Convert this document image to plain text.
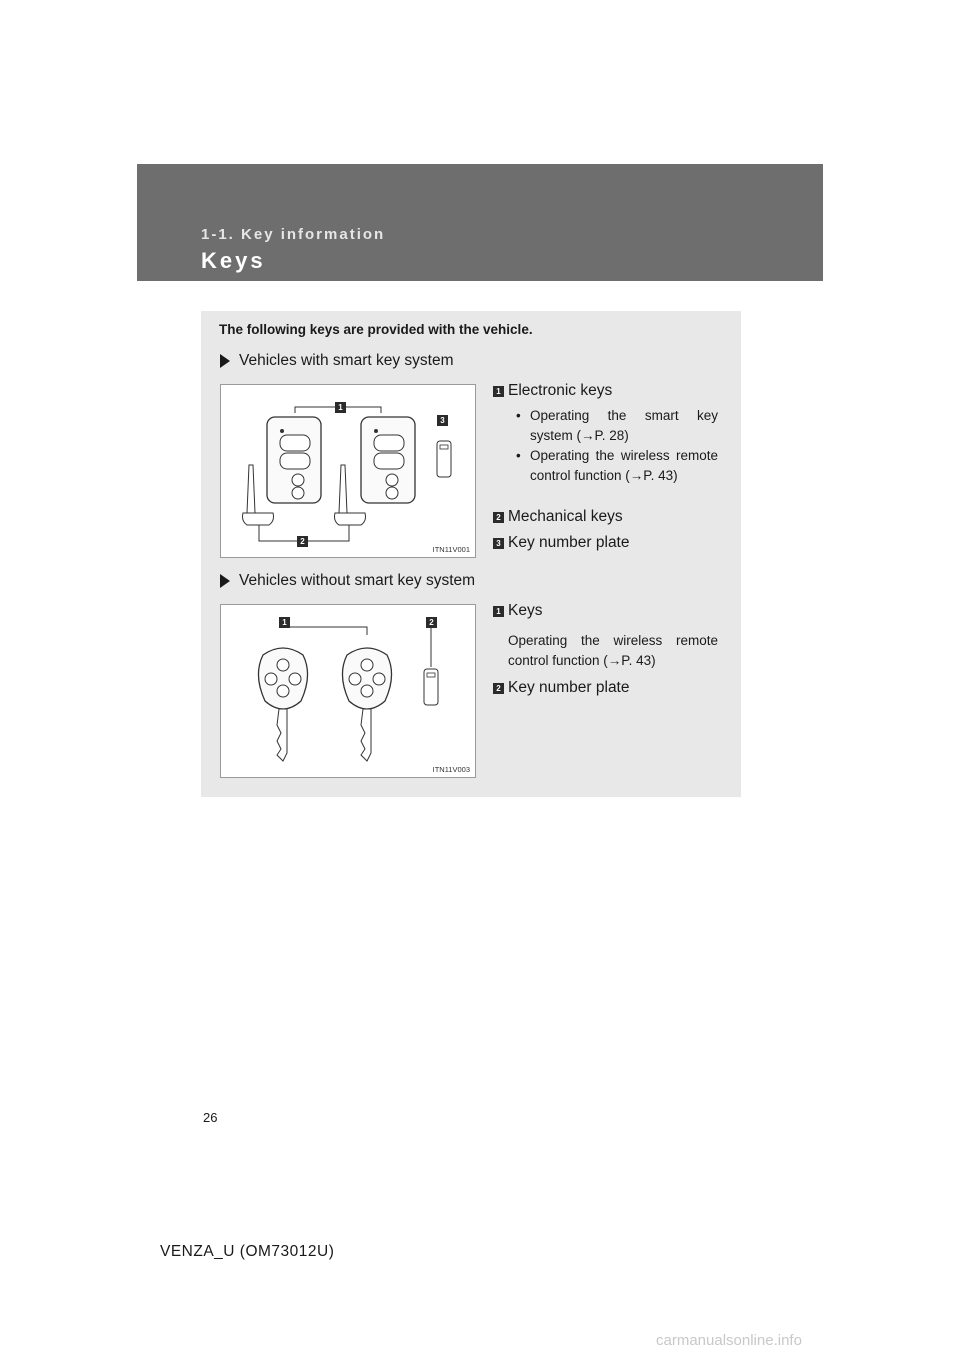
1-1. Key information
Keys
The following keys are provided with the vehicle.
Vehicles with smart key system
1
2
3
ITN11V001
1 Electronic keys
• Operating the smart key system (→P. 28)
• Operating the wireless remote control function (→P. 43)
2 Mechanical keys
3 Key number plate
Vehicles without smart key system
1	2
ITN11V003
1 Keys
Operating the wireless remote control function (→P. 43)
2 Key number plate
26
VENZA_U (OM73012U)
carmanualsonline.info
